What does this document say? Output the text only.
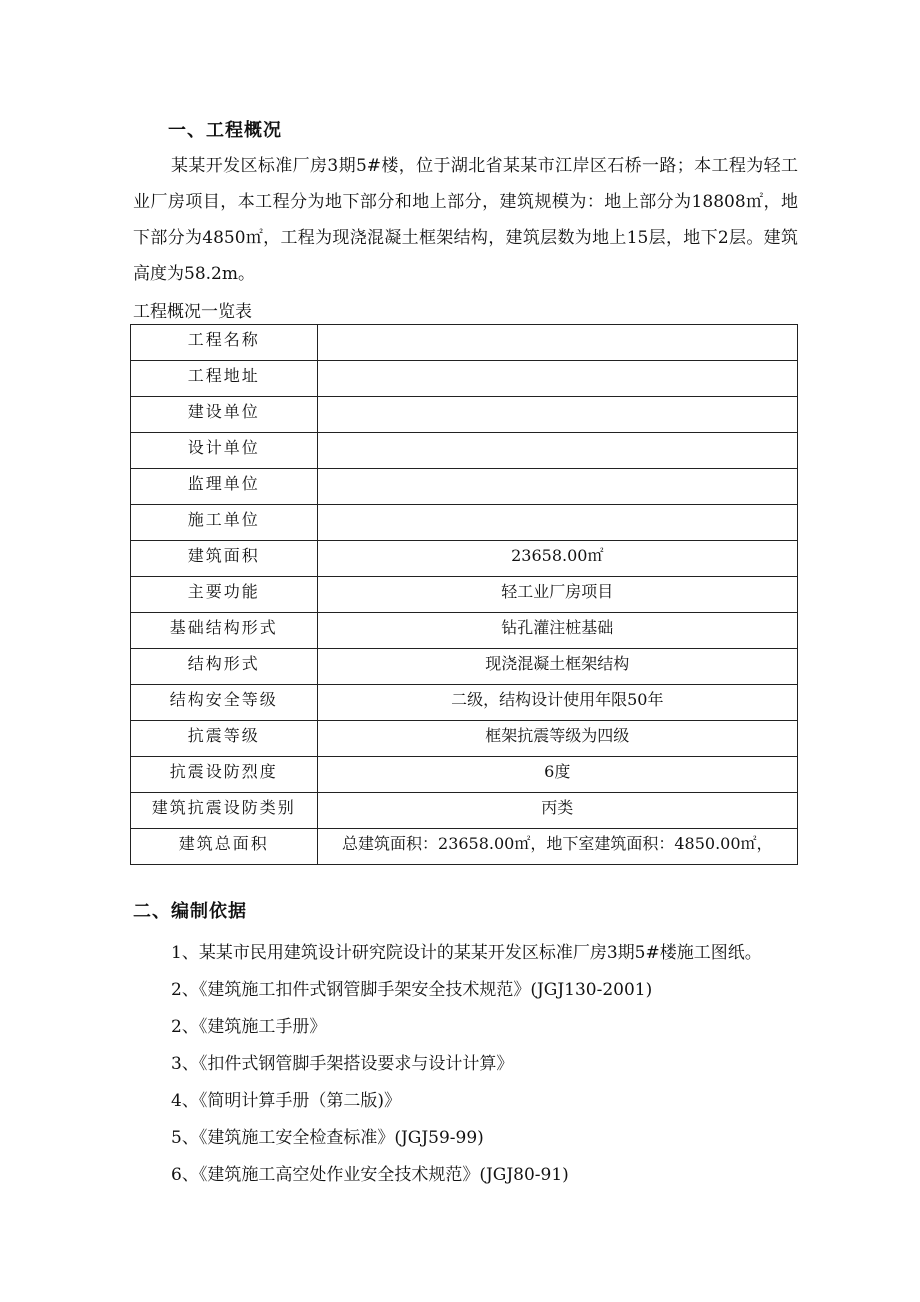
一、工程概况

某某开发区标准厂房3期5#楼，位于湖北省某某市江岸区石桥一路；本工程为轻工业厂房项目，本工程分为地下部分和地上部分，建筑规模为：地上部分为18808㎡，地下部分为4850㎡，工程为现浇混凝土框架结构，建筑层数为地上15层，地下2层。建筑高度为58.2m。

工程概况一览表
工程名称	
工程地址	
建设单位	
设计单位	
监理单位	
施工单位	
建筑面积	23658.00㎡
主要功能	轻工业厂房项目
基础结构形式	钻孔灌注桩基础
结构形式	现浇混凝土框架结构
结构安全等级	二级，结构设计使用年限50年
抗震等级	框架抗震等级为四级
抗震设防烈度	6度
建筑抗震设防类别	丙类
建筑总面积	总建筑面积：23658.00㎡，地下室建筑面积：4850.00㎡，
二、编制依据
1、某某市民用建筑设计研究院设计的某某开发区标准厂房3期5#楼施工图纸。
2、《建筑施工扣件式钢管脚手架安全技术规范》(JGJ130-2001)
2、《建筑施工手册》
3、《扣件式钢管脚手架搭设要求与设计计算》
4、《简明计算手册（第二版)》
5、《建筑施工安全检查标准》(JGJ59-99)
6、《建筑施工高空处作业安全技术规范》(JGJ80-91)
